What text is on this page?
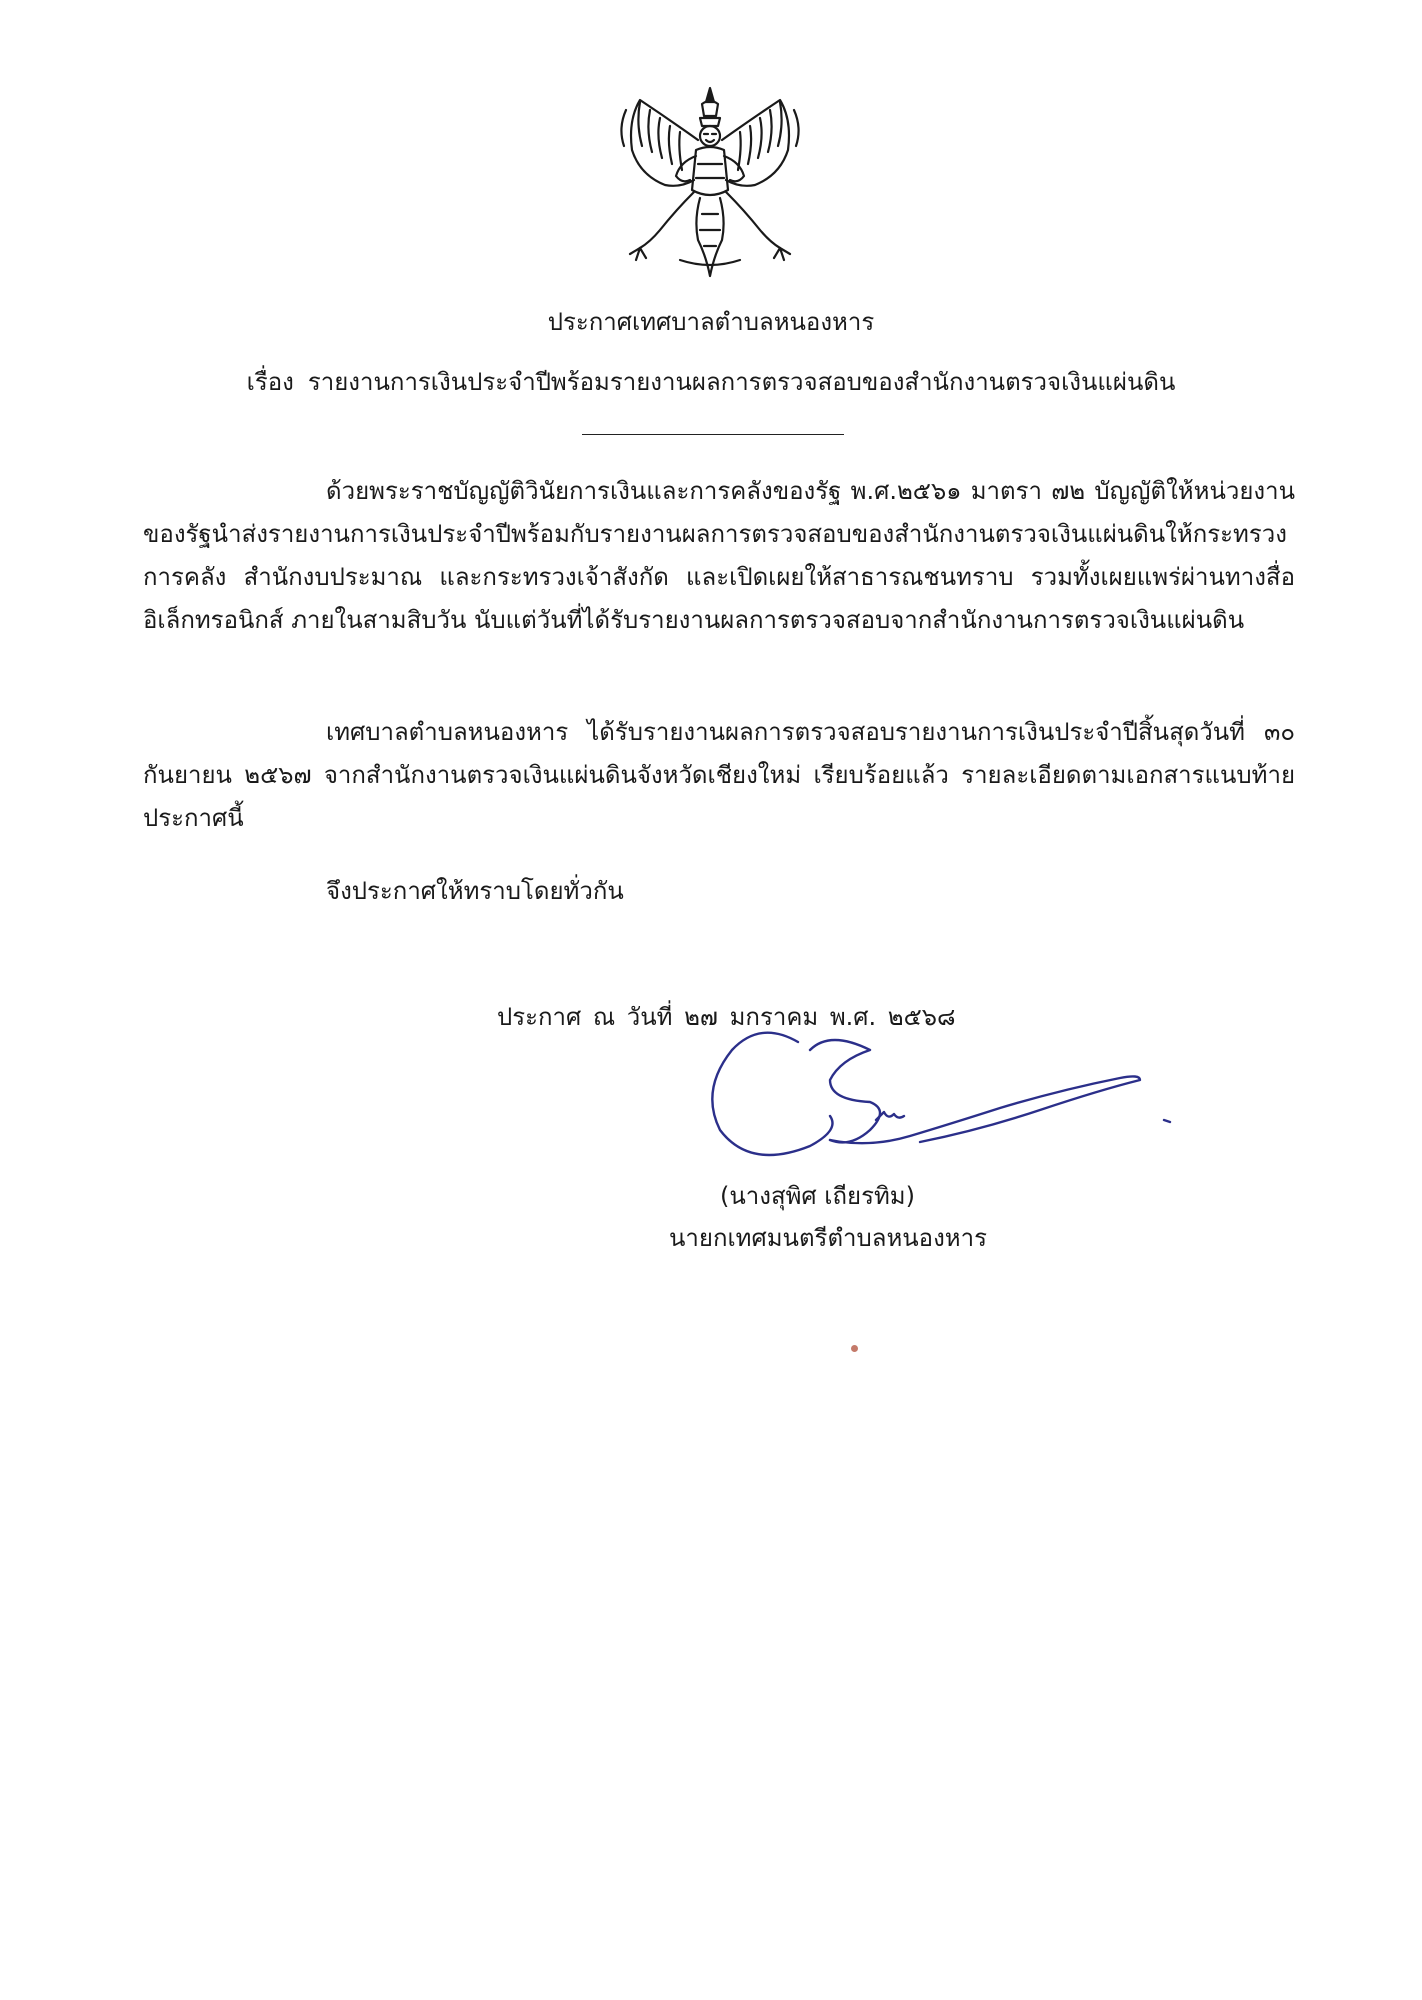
ประกาศเทศบาลตำบลหนองหาร
เรื่อง รายงานการเงินประจำปีพร้อมรายงานผลการตรวจสอบของสำนักงานตรวจเงินแผ่นดิน
ด้วยพระราชบัญญัติวินัยการเงินและการคลังของรัฐ พ.ศ.๒๕๖๑ มาตรา ๗๒ บัญญัติให้หน่วยงานของรัฐนำส่งรายงานการเงินประจำปีพร้อมกับรายงานผลการตรวจสอบของสำนักงานตรวจเงินแผ่นดินให้กระทรวงการคลัง สำนักงบประมาณ และกระทรวงเจ้าสังกัด และเปิดเผยให้สาธารณชนทราบ รวมทั้งเผยแพร่ผ่านทางสื่ออิเล็กทรอนิกส์ ภายในสามสิบวัน นับแต่วันที่ได้รับรายงานผลการตรวจสอบจากสำนักงานการตรวจเงินแผ่นดิน
เทศบาลตำบลหนองหาร ได้รับรายงานผลการตรวจสอบรายงานการเงินประจำปีสิ้นสุดวันที่ ๓๐ กันยายน ๒๕๖๗ จากสำนักงานตรวจเงินแผ่นดินจังหวัดเชียงใหม่ เรียบร้อยแล้ว รายละเอียดตามเอกสารแนบท้ายประกาศนี้
จึงประกาศให้ทราบโดยทั่วกัน
ประกาศ ณ วันที่ ๒๗ มกราคม พ.ศ. ๒๕๖๘
(นางสุพิศ เถียรทิม)
นายกเทศมนตรีตำบลหนองหาร
